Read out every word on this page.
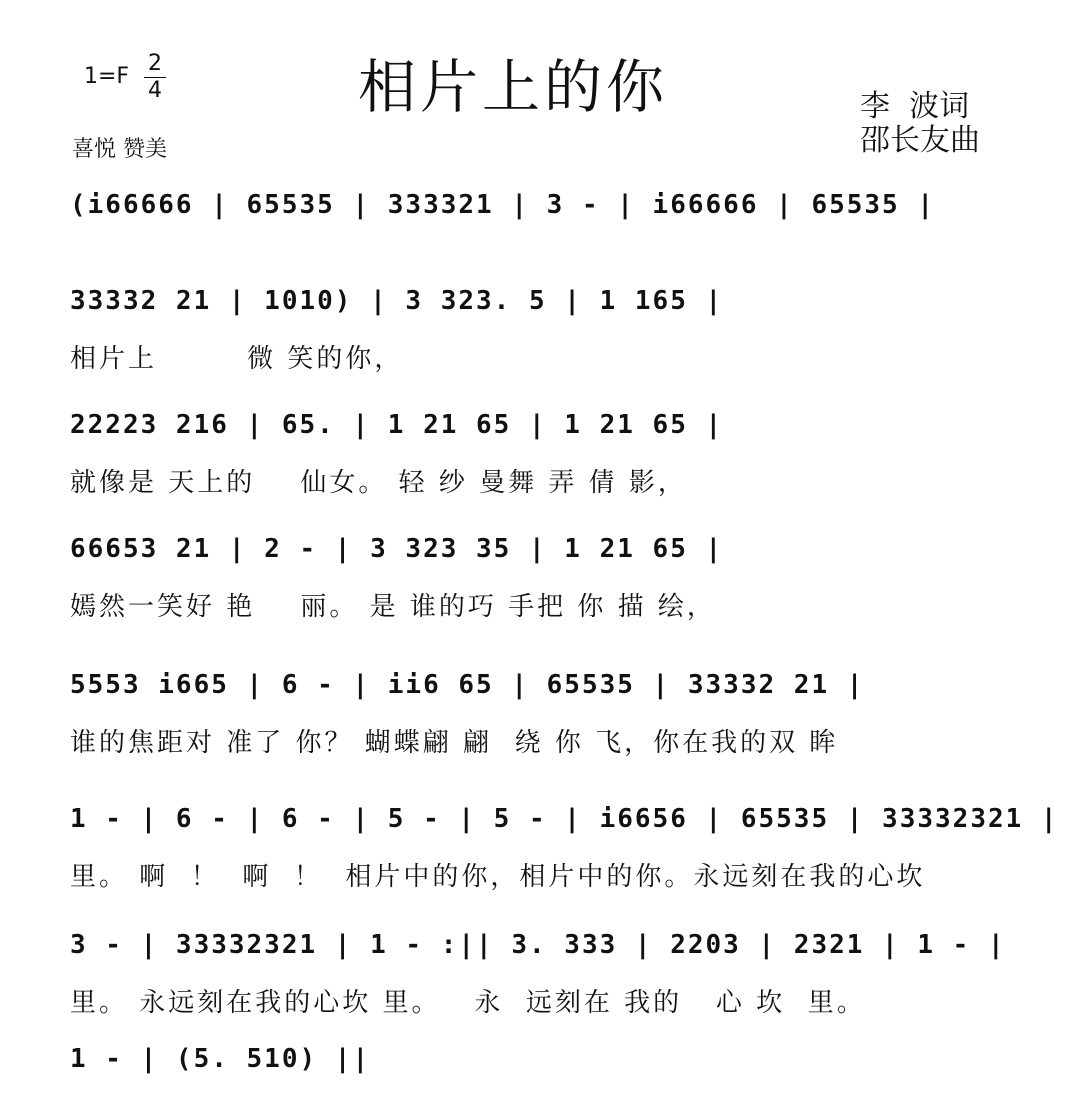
1=F
2
4	相片上的你	李  波词
邵长友曲
喜悦 赞美
(i66666 | 65535 | 333321 | 3 - | i66666 | 65535 |
33332 21 | 1010) | 3 323. 5 | 1 165 |
相片上        微 笑的你，
22223 216 | 65. | 1 21 65 | 1 21 65 |
就像是 天上的    仙女。 轻 纱 曼舞 弄 倩 影，
66653 21 | 2 - | 3 323 35 | 1 21 65 |
嫣然一笑好 艳    丽。 是 谁的巧 手把 你 描 绘，
5553 i665 | 6 - | ii6 65 | 65535 | 33332 21 |
谁的焦距对 准了 你？ 蝴蝶翩 翩  绕 你 飞，你在我的双 眸
1 - | 6 - | 6 - | 5 - | 5 - | i6656 | 65535 | 33332321 |
里。 啊  ！  啊  ！  相片中的你，相片中的你。永远刻在我的心坎
3 - | 33332321 | 1 - :|| 3. 333 | 2203 | 2321 | 1 - |
里。 永远刻在我的心坎 里。   永  远刻在 我的   心 坎  里。
1 - | (5. 510) ||
